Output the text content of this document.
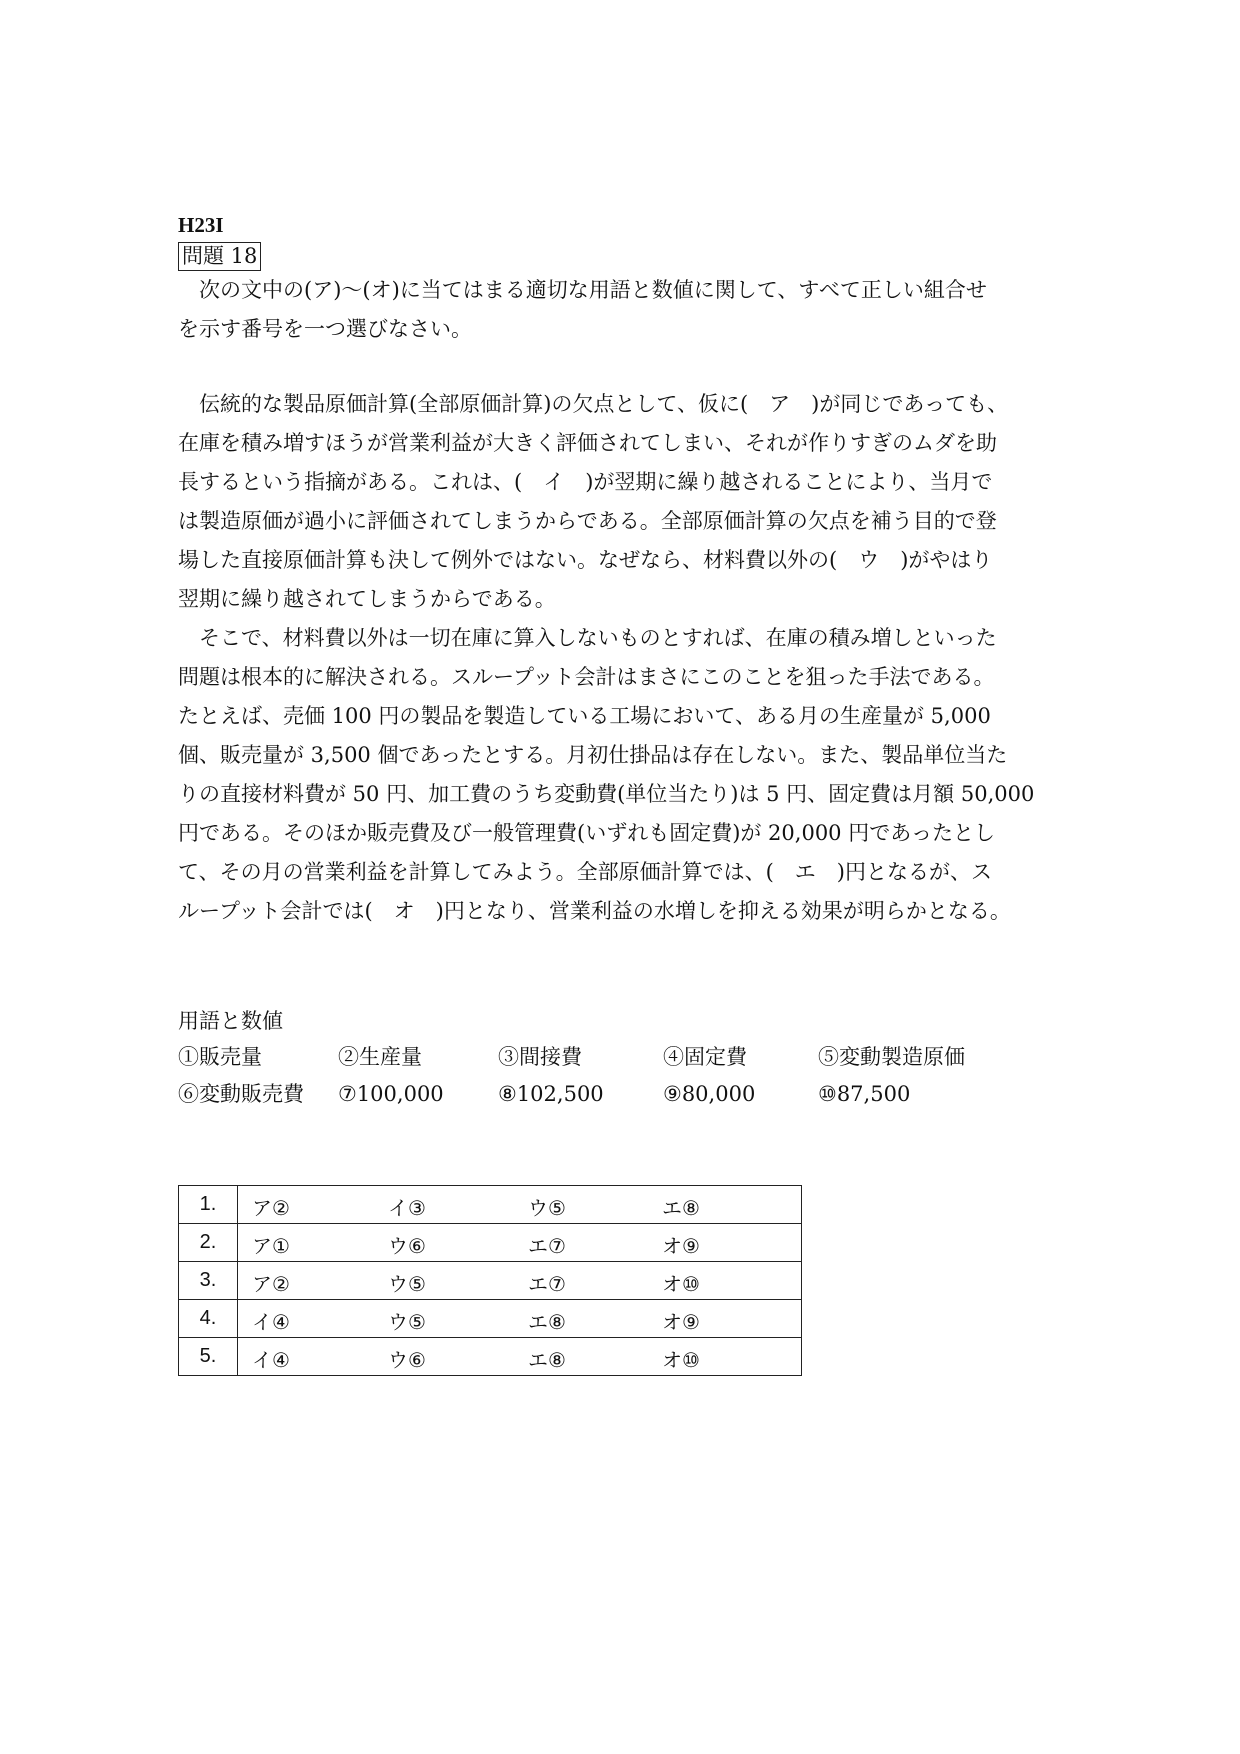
H23I
問題 18

次の文中の(ア)～(オ)に当てはまる適切な用語と数値に関して、すべて正しい組合せ

を示す番号を一つ選びなさい。

伝統的な製品原価計算(全部原価計算)の欠点として、仮に(　ア　)が同じであっても、

在庫を積み増すほうが営業利益が大きく評価されてしまい、それが作りすぎのムダを助

長するという指摘がある。これは、(　イ　)が翌期に繰り越されることにより、当月で

は製造原価が過小に評価されてしまうからである。全部原価計算の欠点を補う目的で登

場した直接原価計算も決して例外ではない。なぜなら、材料費以外の(　ウ　)がやはり

翌期に繰り越されてしまうからである。

そこで、材料費以外は一切在庫に算入しないものとすれば、在庫の積み増しといった

問題は根本的に解決される。スループット会計はまさにこのことを狙った手法である。

たとえば、売価 100 円の製品を製造している工場において、ある月の生産量が 5,000

個、販売量が 3,500 個であったとする。月初仕掛品は存在しない。また、製品単位当た

りの直接材料費が 50 円、加工費のうち変動費(単位当たり)は 5 円、固定費は月額 50,000

円である。そのほか販売費及び一般管理費(いずれも固定費)が 20,000 円であったとし

て、その月の営業利益を計算してみよう。全部原価計算では、(　エ　)円となるが、ス

ループット会計では(　オ　)円となり、営業利益の水増しを抑える効果が明らかとなる。

用語と数値
①販売量	②生産量	③間接費	④固定費	⑤変動製造原価
⑥変動販売費 ⑦100,000	⑧102,500	⑨80,000	⑩87,500
1.	ア② イ③ ウ⑤ エ⑧

2.	ア① ウ⑥ エ⑦ オ⑨

3.	ア② ウ⑤ エ⑦ オ⑩

4.	イ④ ウ⑤ エ⑧ オ⑨

5.	イ④ ウ⑥ エ⑧ オ⑩
